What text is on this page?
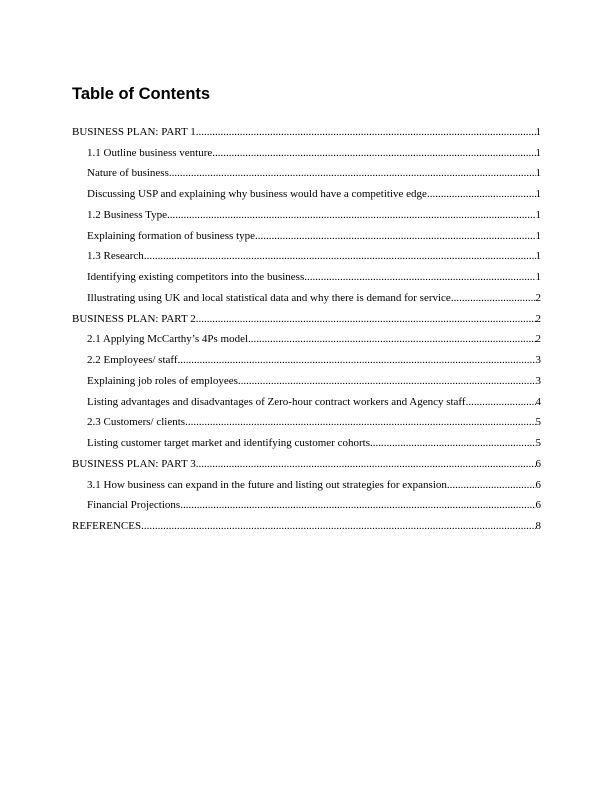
Table of Contents
BUSINESS PLAN: PART 1 .....	1
1.1 Outline business venture .....	1
Nature of business .....	1
Discussing USP and explaining why business would have a competitive edge .....	1
1.2 Business Type .....	1
Explaining formation of business type .....	1
1.3 Research .....	1
Identifying existing competitors into the business .....	1
Illustrating using UK and local statistical data and why there is demand for service .....	2
BUSINESS PLAN: PART 2 .....	2
2.1 Applying McCarthy’s 4Ps model .....	2
2.2 Employees/ staff .....	3
Explaining job roles of employees .....	3
Listing advantages and disadvantages of Zero-hour contract workers and Agency staff .....	4
2.3 Customers/ clients .....	5
Listing customer target market and identifying customer cohorts .....	5
BUSINESS PLAN: PART 3 .....	6
3.1 How business can expand in the future and listing out strategies for expansion .....	6
Financial Projections .....	6
REFERENCES .....	8
